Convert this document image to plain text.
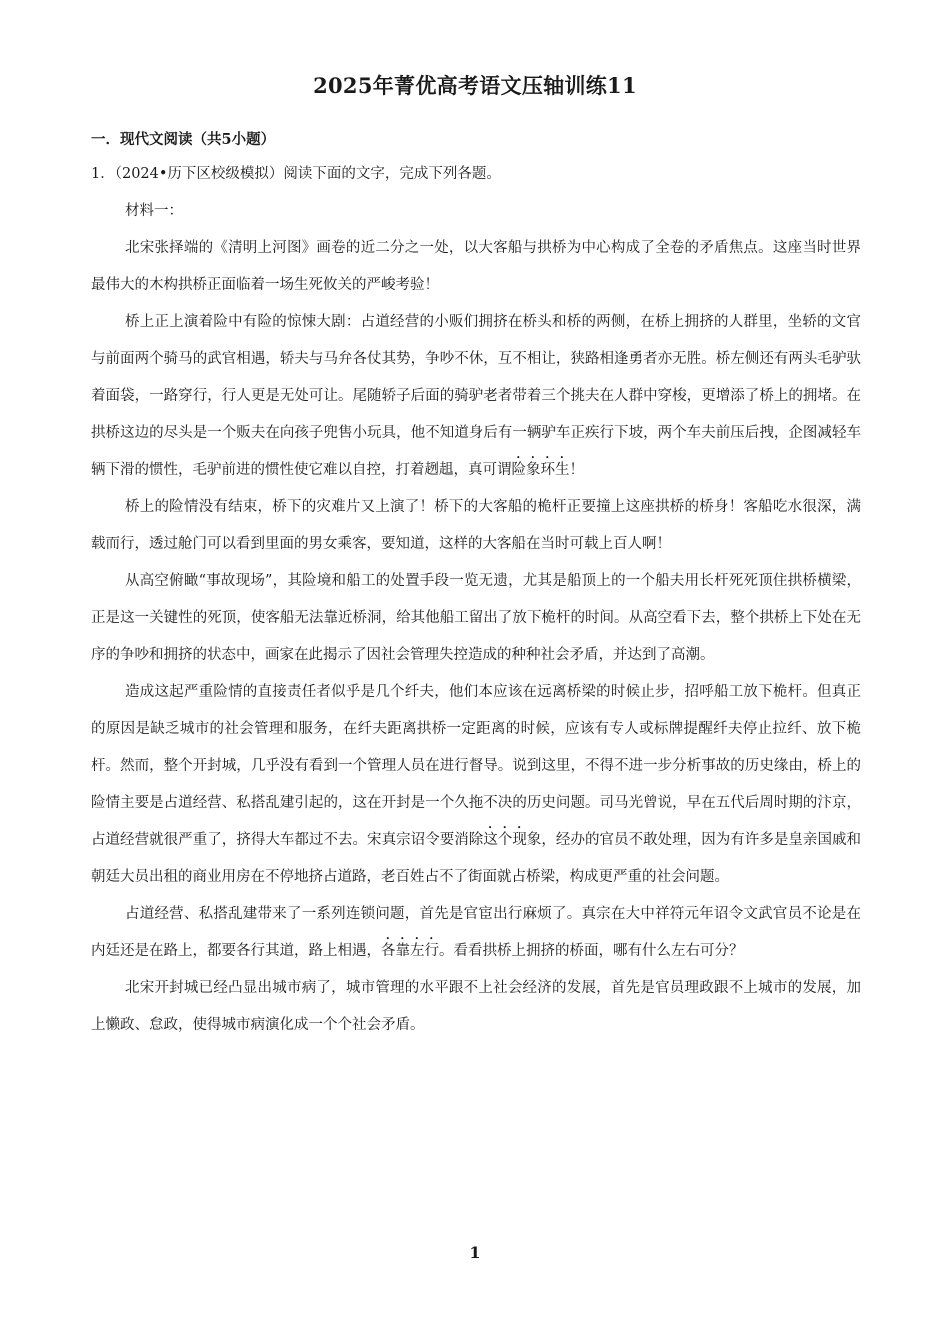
2025年菁优高考语文压轴训练11
一．现代文阅读（共5小题）
1．（2024•历下区校级模拟）阅读下面的文字，完成下列各题。
材料一：

北宋张择端的《清明上河图》画卷的近二分之一处，以大客船与拱桥为中心构成了全卷的矛盾焦点。这座当时世界最伟大的木构拱桥正面临着一场生死攸关的严峻考验！

桥上正上演着险中有险的惊悚大剧：占道经营的小贩们拥挤在桥头和桥的两侧，在桥上拥挤的人群里，坐轿的文官与前面两个骑马的武官相遇，轿夫与马弁各仗其势，争吵不休，互不相让，狭路相逢勇者亦无胜。桥左侧还有两头毛驴驮着面袋，一路穿行，行人更是无处可让。尾随轿子后面的骑驴老者带着三个挑夫在人群中穿梭，更增添了桥上的拥堵。在拱桥这边的尽头是一个贩夫在向孩子兜售小玩具，他不知道身后有一辆驴车正疾行下坡，两个车夫前压后拽，企图减轻车辆下滑的惯性，毛驴前进的惯性使它难以自控，打着趔趄，真可谓险象环生！

桥上的险情没有结束，桥下的灾难片又上演了！桥下的大客船的桅杆正要撞上这座拱桥的桥身！客船吃水很深，满载而行，透过舱门可以看到里面的男女乘客，要知道，这样的大客船在当时可载上百人啊！

从高空俯瞰“事故现场”，其险境和船工的处置手段一览无遗，尤其是船顶上的一个船夫用长杆死死顶住拱桥横梁，正是这一关键性的死顶，使客船无法靠近桥洞，给其他船工留出了放下桅杆的时间。从高空看下去，整个拱桥上下处在无序的争吵和拥挤的状态中，画家在此揭示了因社会管理失控造成的种种社会矛盾，并达到了高潮。

造成这起严重险情的直接责任者似乎是几个纤夫，他们本应该在远离桥梁的时候止步，招呼船工放下桅杆。但真正的原因是缺乏城市的社会管理和服务，在纤夫距离拱桥一定距离的时候，应该有专人或标牌提醒纤夫停止拉纤、放下桅杆。然而，整个开封城，几乎没有看到一个管理人员在进行督导。说到这里，不得不进一步分析事故的历史缘由，桥上的险情主要是占道经营、私搭乱建引起的，这在开封是一个久拖不决的历史问题。司马光曾说，早在五代后周时期的汴京，占道经营就很严重了，挤得大车都过不去。宋真宗诏令要消除这个现象，经办的官员不敢处理，因为有许多是皇亲国戚和朝廷大员出租的商业用房在不停地挤占道路，老百姓占不了街面就占桥梁，构成更严重的社会问题。

占道经营、私搭乱建带来了一系列连锁问题，首先是官宦出行麻烦了。真宗在大中祥符元年诏令文武官员不论是在内廷还是在路上，都要各行其道，路上相遇，各靠左行。看看拱桥上拥挤的桥面，哪有什么左右可分？

北宋开封城已经凸显出城市病了，城市管理的水平跟不上社会经济的发展，首先是官员理政跟不上城市的发展，加上懒政、怠政，使得城市病演化成一个个社会矛盾。

1
